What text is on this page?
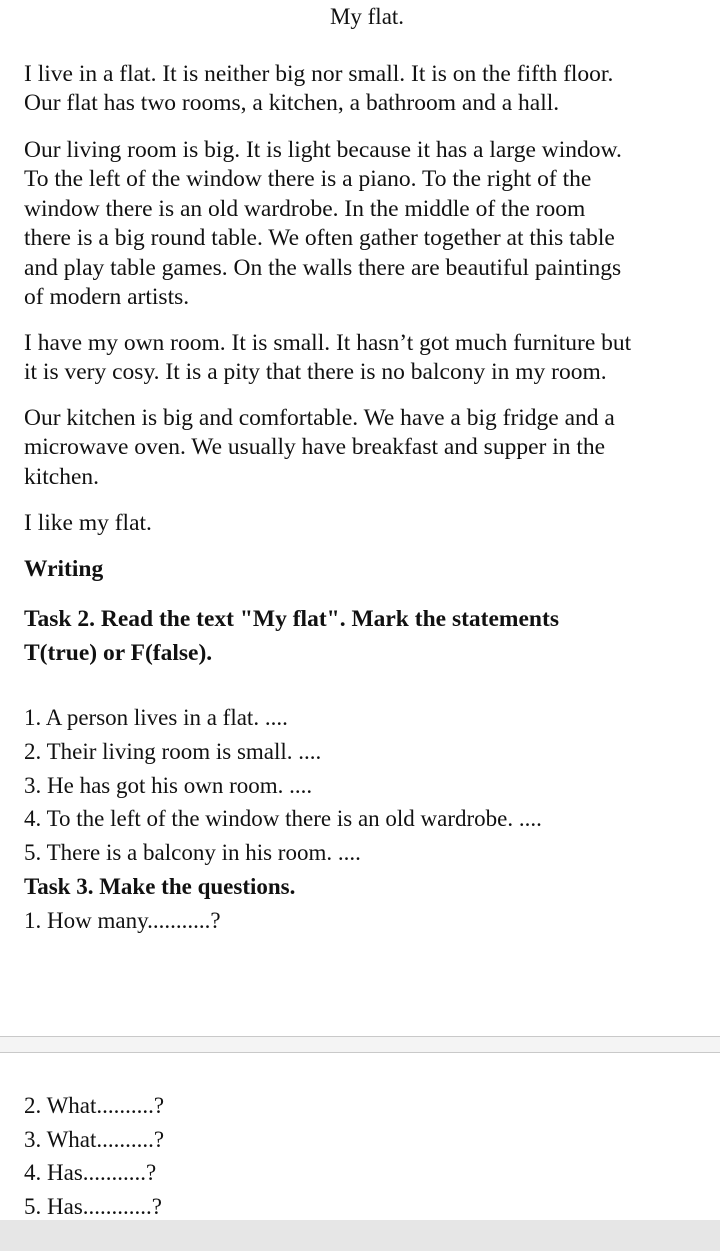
My flat.
I live in a flat. It is neither big nor small. It is on the fifth floor.
Our flat has two rooms, a kitchen, a bathroom and a hall.
Our living room is big. It is light because it has a large window.
To the left of the window there is a piano. To the right of the
window there is an old wardrobe. In the middle of the room
there is a big round table. We often gather together at this table
and play table games. On the walls there are beautiful paintings
of modern artists.
I have my own room. It is small. It hasn’t got much furniture but
it is very cosy. It is a pity that there is no balcony in my room.
Our kitchen is big and comfortable. We have a big fridge and a
microwave oven. We usually have breakfast and supper in the
kitchen.
I like my flat.
Writing
Task 2. Read the text "My flat". Mark the statements
T(true) or F(false).
1. A person lives in a flat. ....
2. Their living room is small. ....
3. He has got his own room. ....
4. To the left of the window there is an old wardrobe. ....
5. There is a balcony in his room. ....
Task 3. Make the questions.
1. How many...........?
2. What..........?
3. What..........?
4. Has...........?
5. Has............?
